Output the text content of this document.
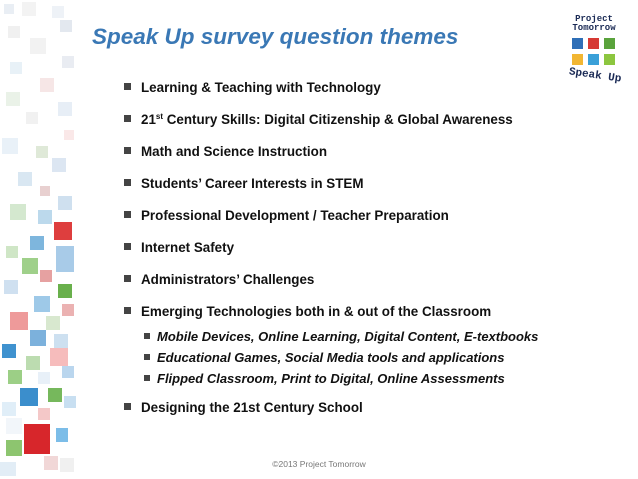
Speak Up survey question themes
Project
Tomorrow
Speak Up
Learning & Teaching with Technology
21st Century Skills: Digital Citizenship & Global Awareness
Math and Science Instruction
Students’ Career Interests in STEM
Professional Development / Teacher Preparation
Internet Safety
Administrators’ Challenges
Emerging Technologies both in & out of the Classroom
Mobile Devices, Online Learning, Digital Content, E-textbooks
Educational Games, Social Media tools and applications
Flipped Classroom, Print to Digital, Online Assessments
Designing the 21st Century School
©2013 Project Tomorrow
